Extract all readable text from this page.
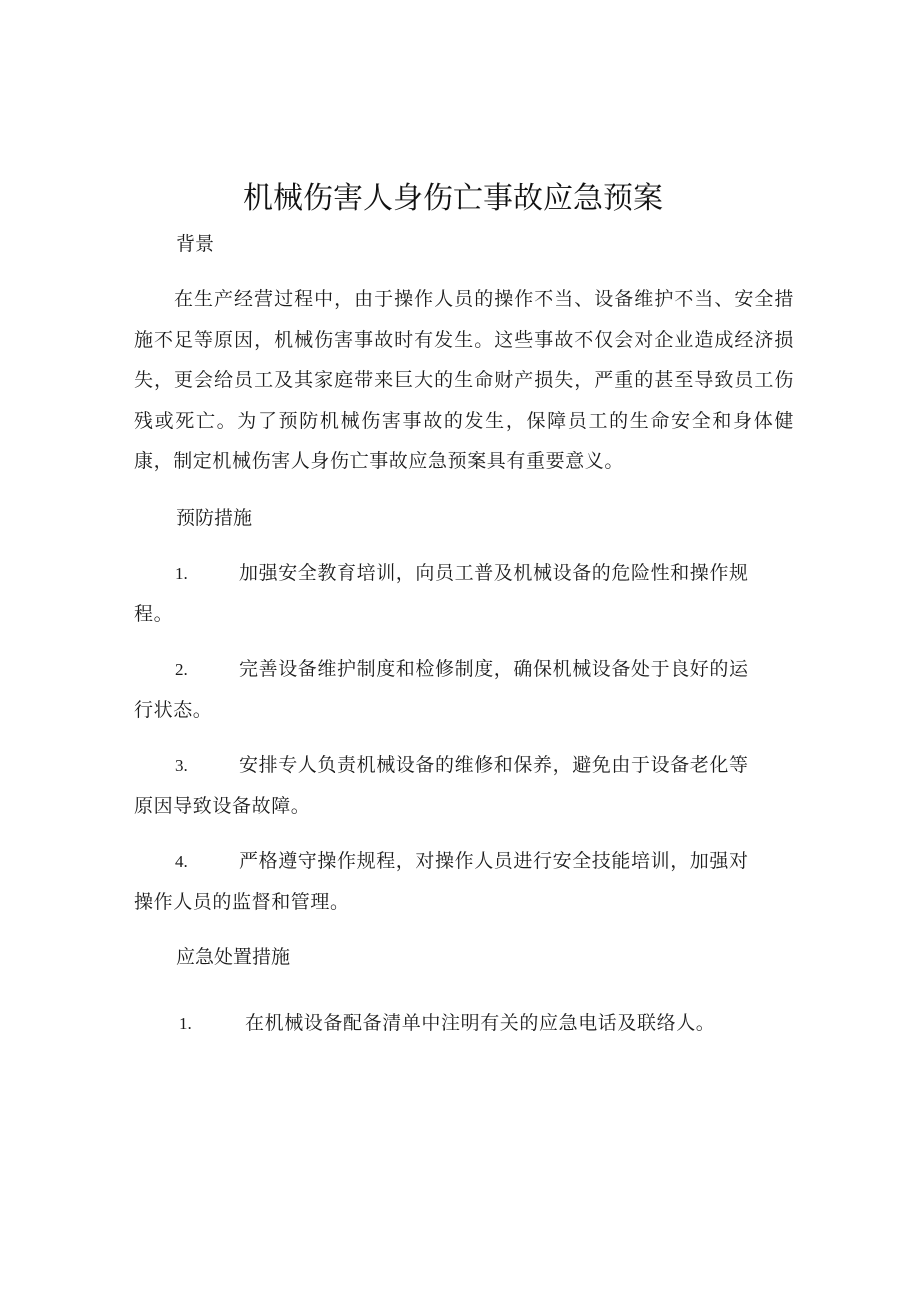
机械伤害人身伤亡事故应急预案

背景

在生产经营过程中，由于操作人员的操作不当、设备维护不当、安全措施不足等原因，机械伤害事故时有发生。这些事故不仅会对企业造成经济损失，更会给员工及其家庭带来巨大的生命财产损失，严重的甚至导致员工伤残或死亡。为了预防机械伤害事故的发生，保障员工的生命安全和身体健康，制定机械伤害人身伤亡事故应急预案具有重要意义。

预防措施

1.	加强安全教育培训，向员工普及机械设备的危险性和操作规程。
2.	完善设备维护制度和检修制度，确保机械设备处于良好的运行状态。
3.	安排专人负责机械设备的维修和保养，避免由于设备老化等原因导致设备故障。
4.	严格遵守操作规程，对操作人员进行安全技能培训，加强对操作人员的监督和管理。

应急处置措施

1.	在机械设备配备清单中注明有关的应急电话及联络人。
